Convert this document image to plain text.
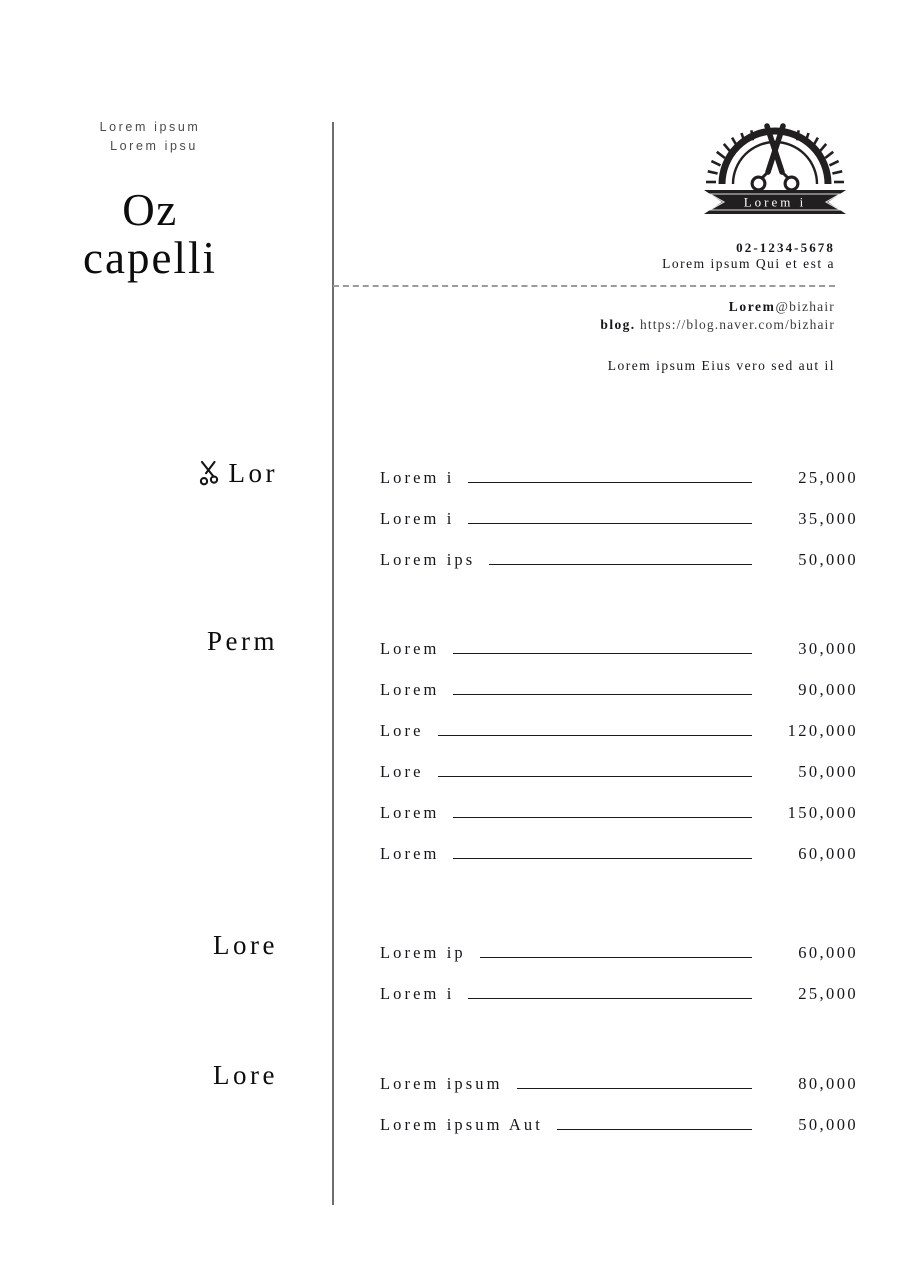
Lorem ipsum
Lorem ipsu
Oz
capelli
Lorem i
02-1234-5678
Lorem ipsum Qui et est a
Lorem@bizhair
blog. https://blog.naver.com/bizhair
Lorem ipsum Eius vero sed aut il
Lor	Lorem i	25,000
Lorem i	35,000
Lorem ips	50,000
Perm	Lorem	30,000
Lorem	90,000
Lore	120,000
Lore	50,000
Lorem	150,000
Lorem	60,000
Lore	Lorem ip	60,000
Lorem i	25,000
Lore	Lorem ipsum	80,000
Lorem ipsum Aut	50,000
